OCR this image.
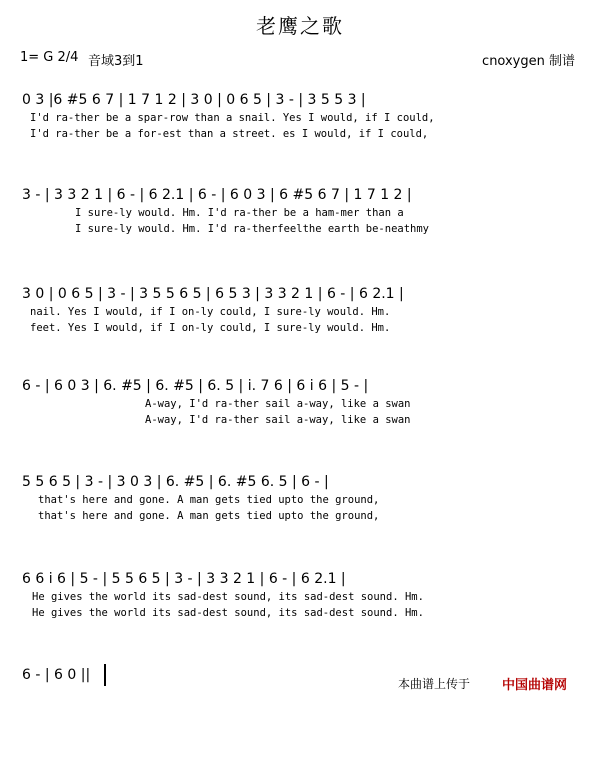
老鹰之歌
1= G 2/4 音域3到1	cnoxygen 制谱
0 3 |6 #5 6 7 | 1 7 1 2 | 3 0 | 0 6 5 | 3 - | 3 5 5 3 |
I'd ra-ther be a spar-row than a snail. Yes I would, if I could,
I'd ra-ther be a for-est than a street. es I would, if I could,
3 - | 3 3 2 1 | 6 - | 6 2.1 | 6 - | 6 0 3 | 6 #5 6 7 | 1 7 1 2 |
I sure-ly would. Hm. I'd ra-ther be a ham-mer than a
I sure-ly would. Hm. I'd ra-therfeelthe earth be-neathmy
3 0 | 0 6 5 | 3 - | 3 5 5 6 5 | 6 5 3 | 3 3 2 1 | 6 - | 6 2.1 |
nail. Yes I would, if I on-ly could, I sure-ly would. Hm.
feet. Yes I would, if I on-ly could, I sure-ly would. Hm.
6 - | 6 0 3 | 6. #5 | 6. #5 | 6. 5 | i. 7 6 | 6 i 6 | 5 - |
A-way, I'd ra-ther sail a-way, like a swan
A-way, I'd ra-ther sail a-way, like a swan
5 5 6 5 | 3 - | 3 0 3 | 6. #5 | 6. #5 6. 5 | 6 - |
that's here and gone. A man gets tied upto the ground,
that's here and gone. A man gets tied upto the ground,
6 6 i 6 | 5 - | 5 5 6 5 | 3 - | 3 3 2 1 | 6 - | 6 2.1 |
He gives the world its sad-dest sound, its sad-dest sound. Hm.
He gives the world its sad-dest sound, its sad-dest sound. Hm.
6 - | 6 0 ||
本曲谱上传于 中国曲谱网
